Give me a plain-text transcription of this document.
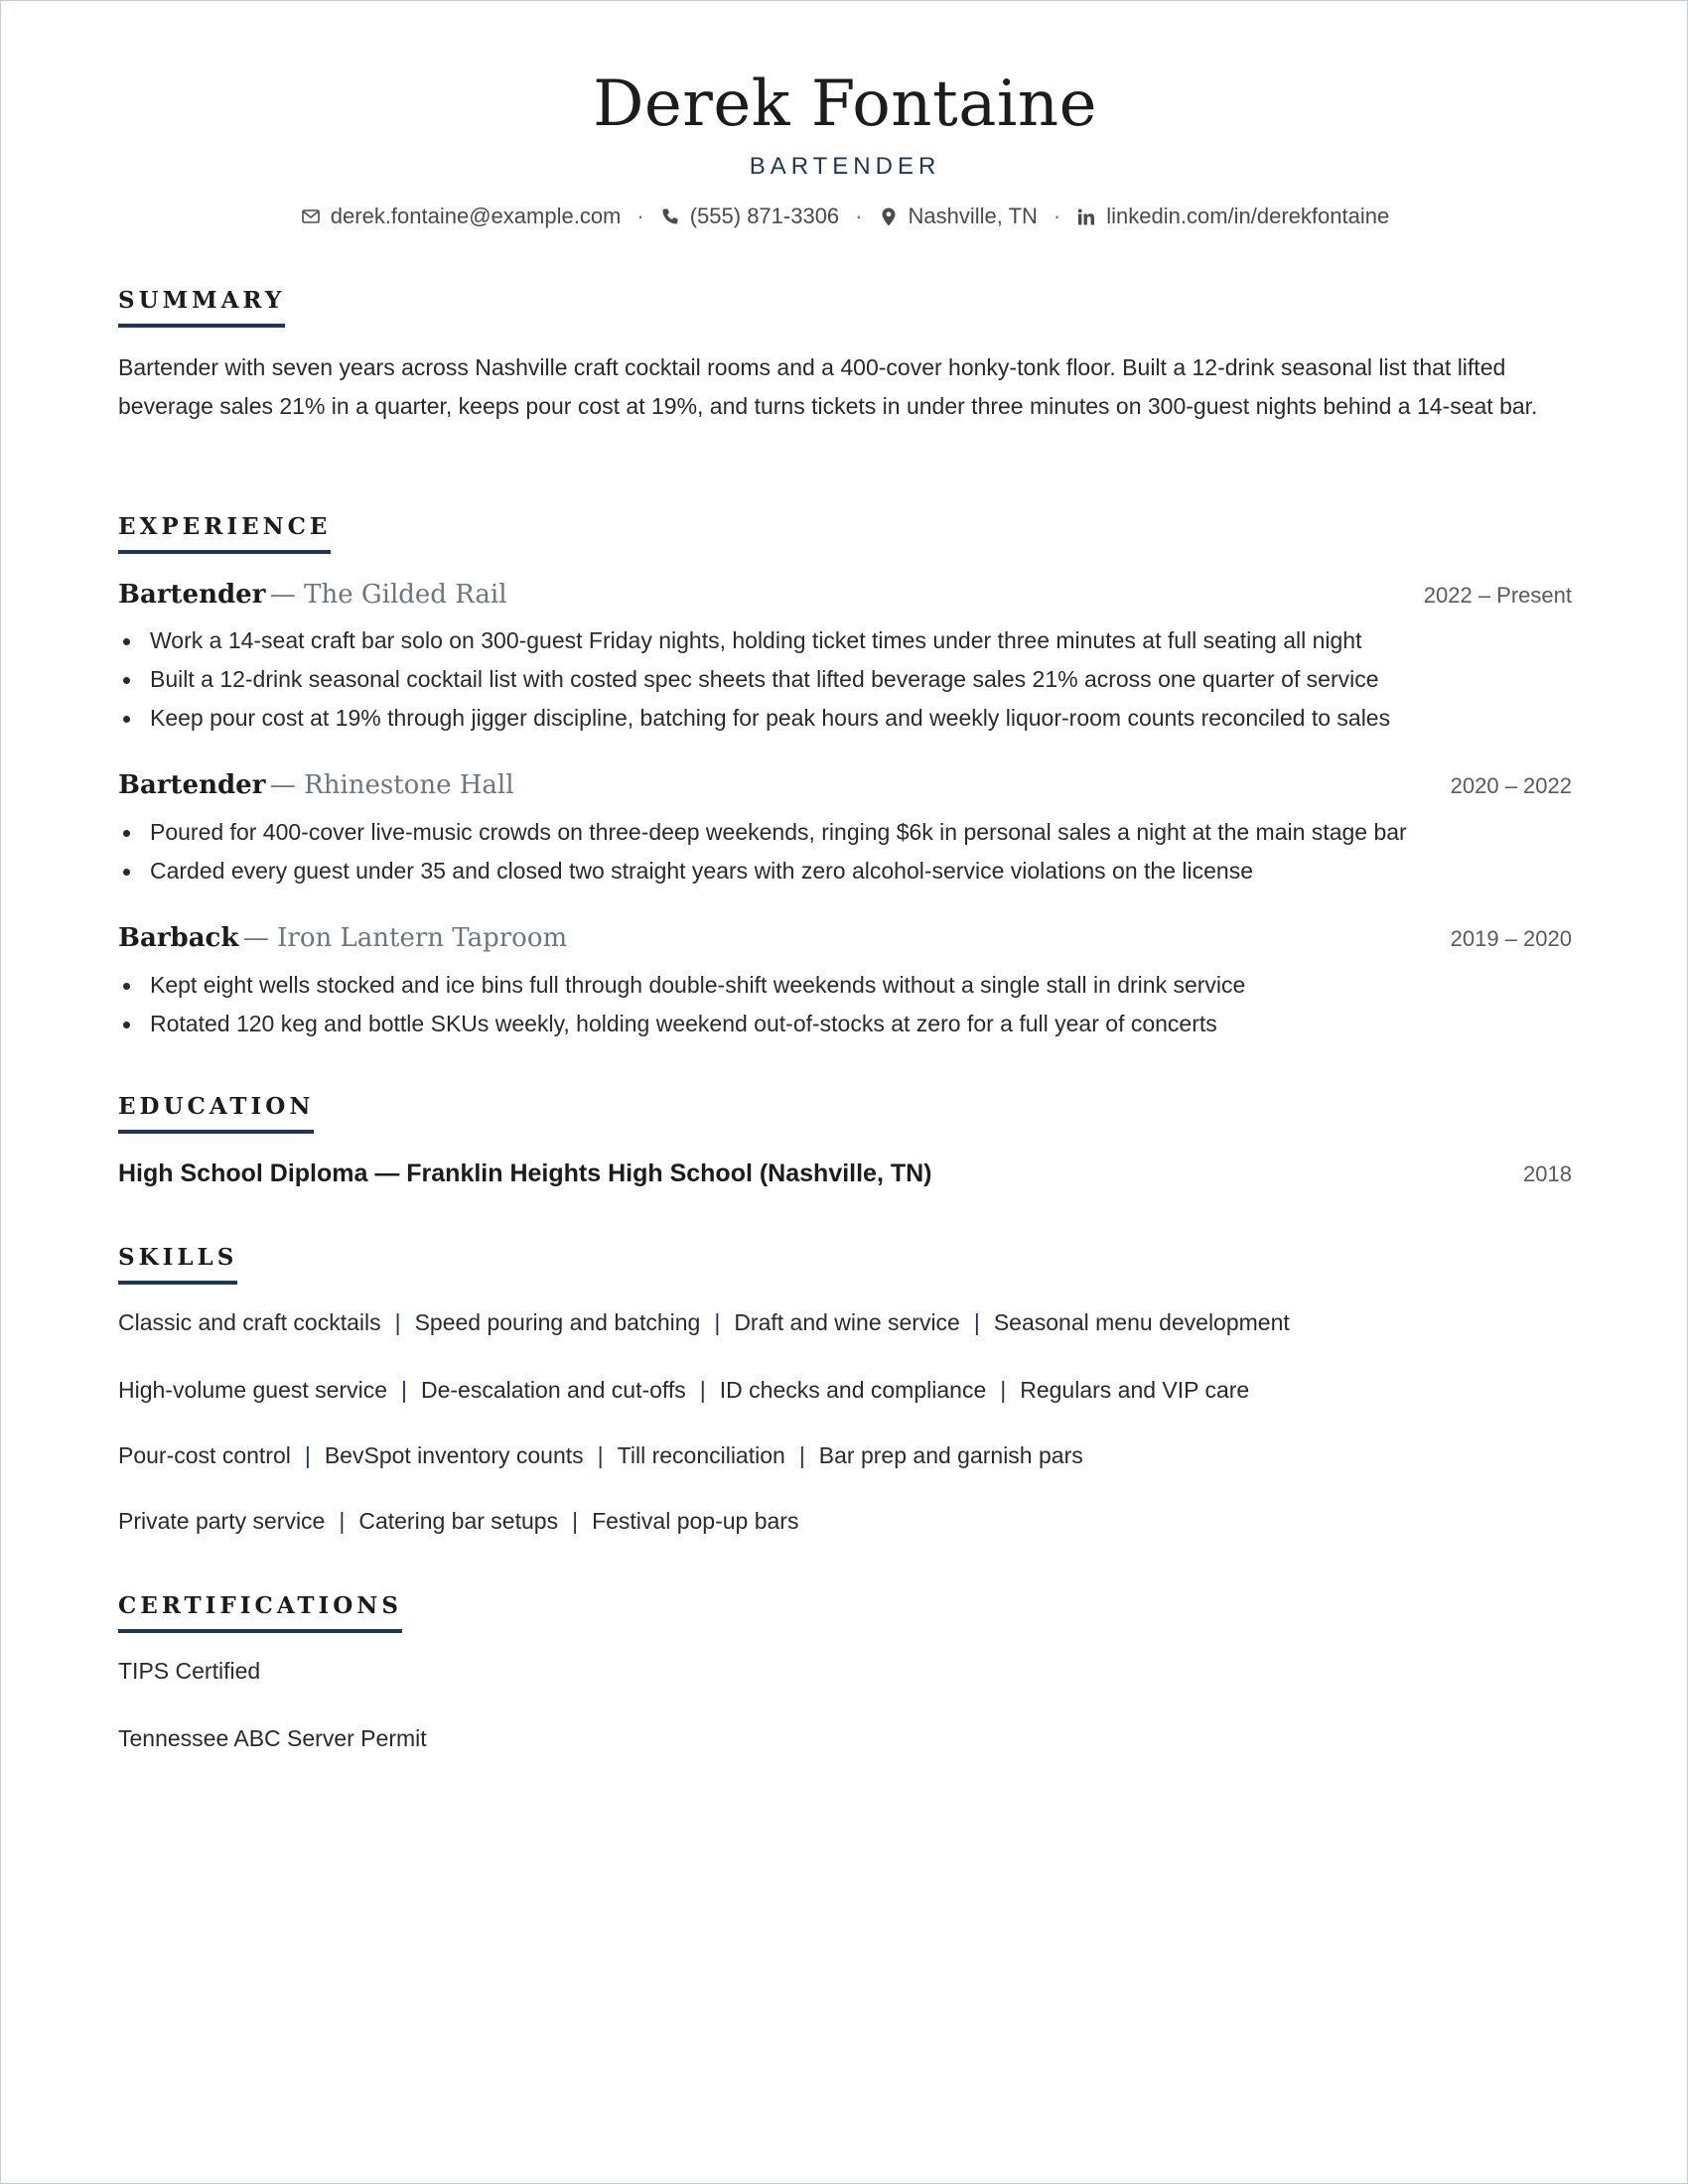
Derek Fontaine
BARTENDER
derek.fontaine@example.com · (555) 871-3306 · Nashville, TN · linkedin.com/in/derekfontaine
SUMMARY
Bartender with seven years across Nashville craft cocktail rooms and a 400-cover honky-tonk floor. Built a 12-drink seasonal list that lifted beverage sales 21% in a quarter, keeps pour cost at 19%, and turns tickets in under three minutes on 300-guest nights behind a 14-seat bar.
EXPERIENCE
Bartender — The Gilded Rail	2022 – Present
Work a 14-seat craft bar solo on 300-guest Friday nights, holding ticket times under three minutes at full seating all night
Built a 12-drink seasonal cocktail list with costed spec sheets that lifted beverage sales 21% across one quarter of service
Keep pour cost at 19% through jigger discipline, batching for peak hours and weekly liquor-room counts reconciled to sales
Bartender — Rhinestone Hall	2020 – 2022
Poured for 400-cover live-music crowds on three-deep weekends, ringing $6k in personal sales a night at the main stage bar
Carded every guest under 35 and closed two straight years with zero alcohol-service violations on the license
Barback — Iron Lantern Taproom	2019 – 2020
Kept eight wells stocked and ice bins full through double-shift weekends without a single stall in drink service
Rotated 120 keg and bottle SKUs weekly, holding weekend out-of-stocks at zero for a full year of concerts
EDUCATION
High School Diploma — Franklin Heights High School (Nashville, TN)	2018
SKILLS
Classic and craft cocktails | Speed pouring and batching | Draft and wine service | Seasonal menu development
High-volume guest service | De-escalation and cut-offs | ID checks and compliance | Regulars and VIP care
Pour-cost control | BevSpot inventory counts | Till reconciliation | Bar prep and garnish pars
Private party service | Catering bar setups | Festival pop-up bars
CERTIFICATIONS
TIPS Certified
Tennessee ABC Server Permit
